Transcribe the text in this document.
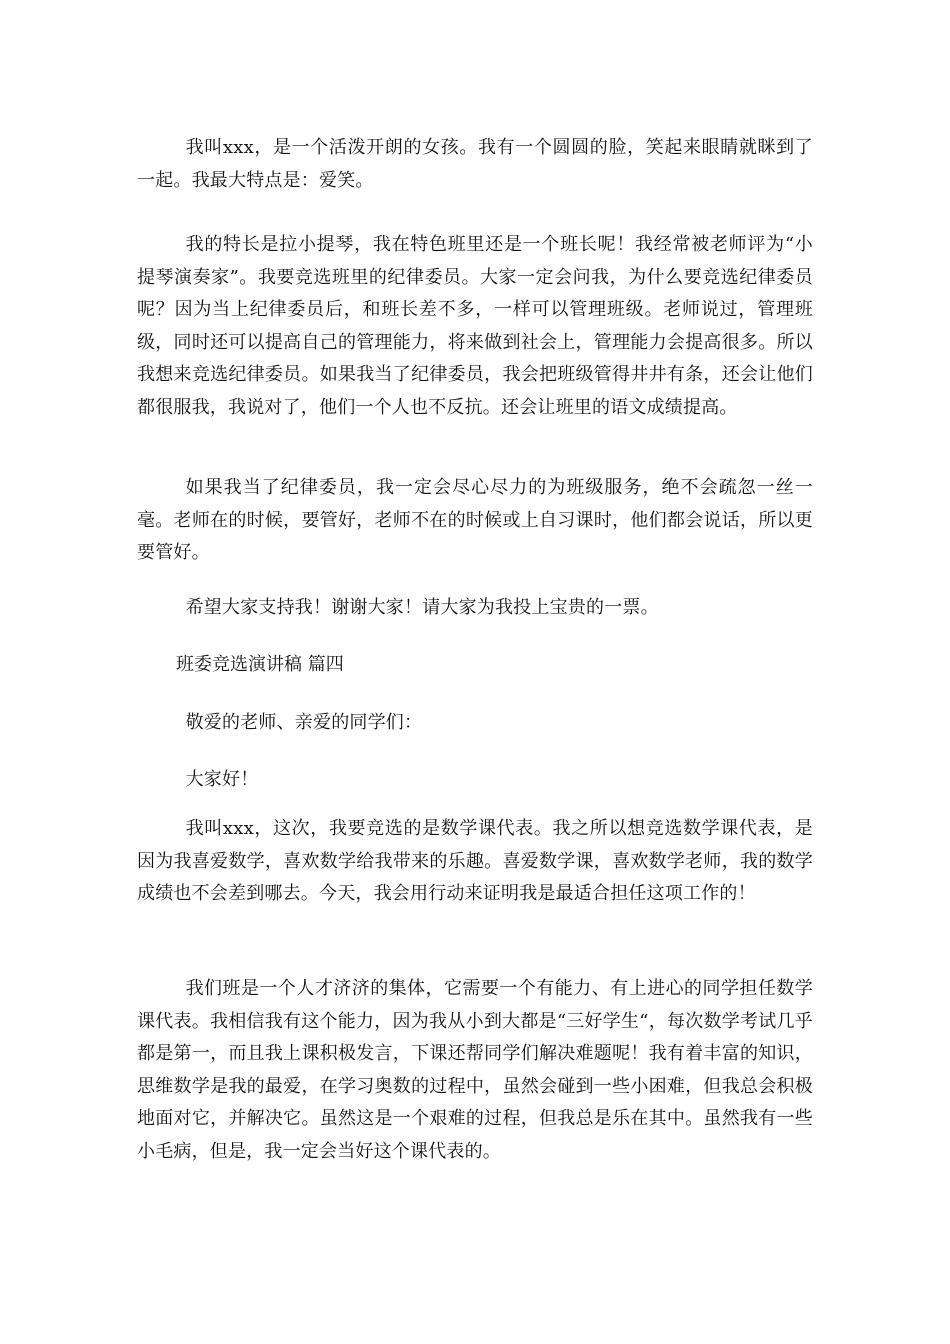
我叫xxx，是一个活泼开朗的女孩。我有一个圆圆的脸，笑起来眼睛就眯到了一起。我最大特点是：爱笑。

我的特长是拉小提琴，我在特色班里还是一个班长呢！我经常被老师评为“小提琴演奏家”。我要竞选班里的纪律委员。大家一定会问我，为什么要竞选纪律委员呢？因为当上纪律委员后，和班长差不多，一样可以管理班级。老师说过，管理班级，同时还可以提高自己的管理能力，将来做到社会上，管理能力会提高很多。所以我想来竞选纪律委员。如果我当了纪律委员，我会把班级管得井井有条，还会让他们都很服我，我说对了，他们一个人也不反抗。还会让班里的语文成绩提高。

如果我当了纪律委员，我一定会尽心尽力的为班级服务，绝不会疏忽一丝一毫。老师在的时候，要管好，老师不在的时候或上自习课时，他们都会说话，所以更要管好。

希望大家支持我！谢谢大家！请大家为我投上宝贵的一票。

班委竞选演讲稿 篇四

敬爱的老师、亲爱的同学们：

大家好！

我叫xxx，这次，我要竞选的是数学课代表。我之所以想竞选数学课代表，是因为我喜爱数学，喜欢数学给我带来的乐趣。喜爱数学课，喜欢数学老师，我的数学成绩也不会差到哪去。今天，我会用行动来证明我是最适合担任这项工作的！

我们班是一个人才济济的集体，它需要一个有能力、有上进心的同学担任数学课代表。我相信我有这个能力，因为我从小到大都是“三好学生“，每次数学考试几乎都是第一，而且我上课积极发言，下课还帮同学们解决难题呢！我有着丰富的知识，思维数学是我的最爱，在学习奥数的过程中，虽然会碰到一些小困难，但我总会积极地面对它，并解决它。虽然这是一个艰难的过程，但我总是乐在其中。虽然我有一些小毛病，但是，我一定会当好这个课代表的。
